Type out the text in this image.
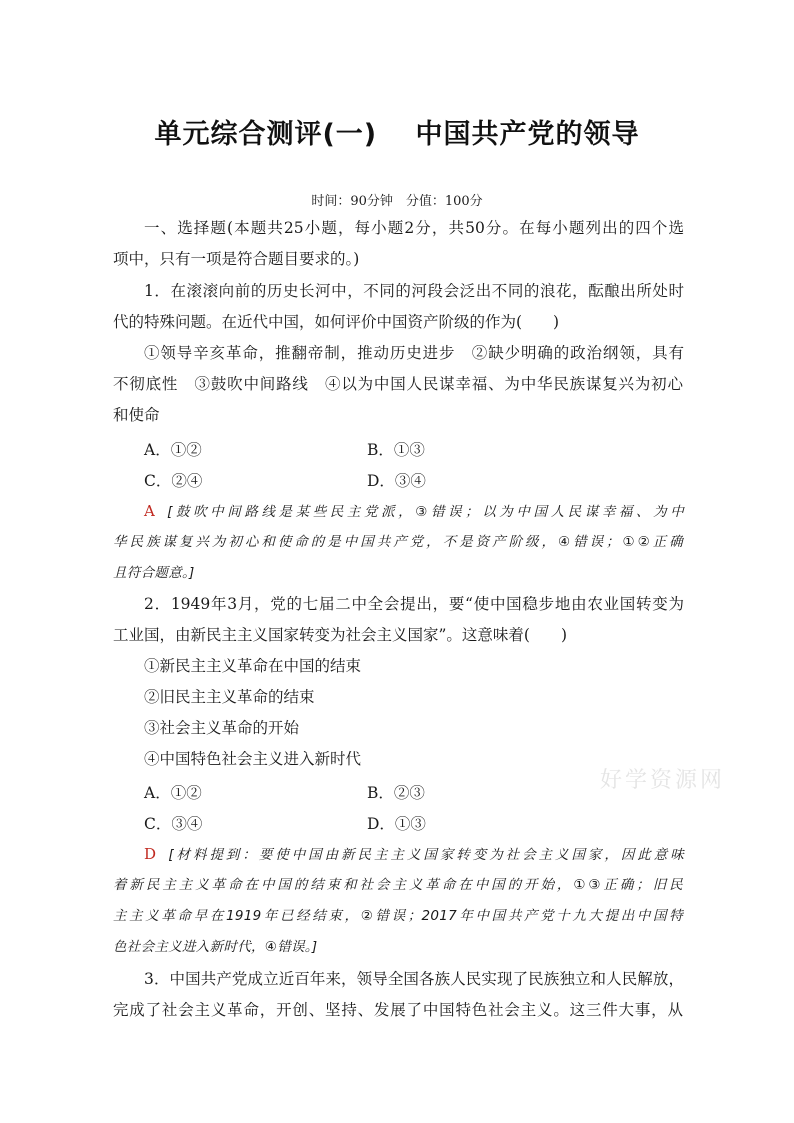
单元综合测评(一)　 中国共产党的领导
时间：90分钟　分值：100分
一、选择题(本题共25小题，每小题2分，共50分。在每小题列出的四个选
项中，只有一项是符合题目要求的。)
1．在滚滚向前的历史长河中，不同的河段会泛出不同的浪花，酝酿出所处时
代的特殊问题。在近代中国，如何评价中国资产阶级的作为(　　)
①领导辛亥革命，推翻帝制，推动历史进步　②缺少明确的政治纲领，具有
不彻底性　③鼓吹中间路线　④以为中国人民谋幸福、为中华民族谋复兴为初心
和使命
A．①②	B．①③
C．②④	D．③④
A [鼓吹中间路线是某些民主党派，③错误；以为中国人民谋幸福、为中
华民族谋复兴为初心和使命的是中国共产党，不是资产阶级，④错误；①②正确
且符合题意。]
2．1949年3月，党的七届二中全会提出，要“使中国稳步地由农业国转变为
工业国，由新民主主义国家转变为社会主义国家”。这意味着(　　)
①新民主主义革命在中国的结束
②旧民主主义革命的结束
③社会主义革命的开始
④中国特色社会主义进入新时代
A．①②	B．②③
C．③④	D．①③
D [材料提到：要使中国由新民主主义国家转变为社会主义国家，因此意味
着新民主主义革命在中国的结束和社会主义革命在中国的开始，①③正确；旧民
主主义革命早在1919年已经结束，②错误；2017年中国共产党十九大提出中国特
色社会主义进入新时代，④错误。]
3．中国共产党成立近百年来，领导全国各族人民实现了民族独立和人民解放，
完成了社会主义革命，开创、坚持、发展了中国特色社会主义。这三件大事，从
好学资源网
